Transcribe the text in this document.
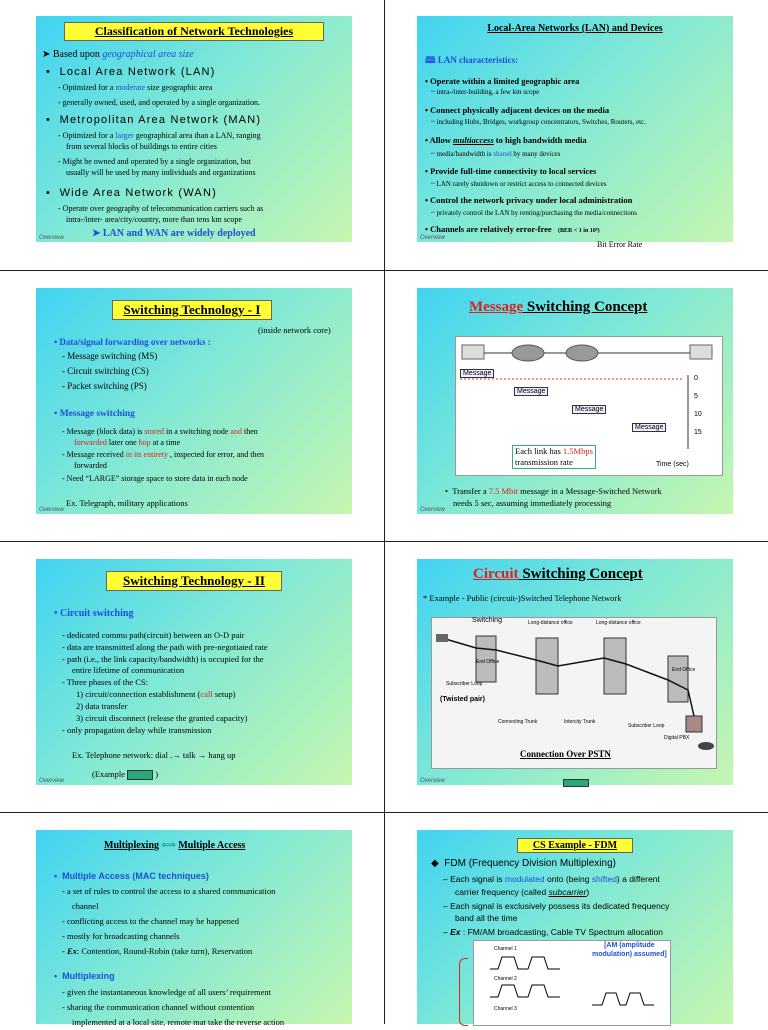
Classification of Network Technologies
➤ Based upon geographical area size
•  Local Area Network (LAN)
- Optimized for a moderate size geographic area
- generally owned, used, and operated by a single organization.
•  Metropolitan Area Network (MAN)
- Optimized for a larger geographical area than a LAN, ranging
from several blocks of buildings to entire cities
- Might be owned and operated by a single organization, but
usually will be used by many individuals and organizations
•  Wide Area Network (WAN)
- Operate over geography of telecommunication carriers such as
intra-/inter- area/city/country, more than tens km scope
➤ LAN and WAN are widely deployed
Overview
Local-Area Networks (LAN) and Devices
🕮 LAN characteristics:
• Operate within a limited geographic area
~ intra-/inter-building, a few km scope
• Connect physically adjacent devices on the media
~ including Hubs, Bridges, workgroup concentrators, Switches, Routers, etc.
• Allow multiaccess to high bandwidth media
~ media/bandwidth is shared by many devices
• Provide full-time connectivity to local services
~ LAN rarely shutdown or restrict access to connected devices
• Control the network privacy under local administration
~ privately control the LAN by renting/purchasing the media/connections
• Channels are relatively error-free (BER < 1 in 10⁸)
Bit Error Rate
Overview
Switching Technology - I
(inside network core)
• Data/signal forwarding over networks :
- Message switching (MS)
- Circuit switching (CS)
- Packet switching (PS)
• Message switching
- Message (block data) is stored in a switching node and then
forwarded later one hop at a time
- Message received in its entirety , inspected for error, and then
forwarded
- Need “LARGE” storage space to store data in each node
Ex. Telegraph, military applications
Overview
Message Switching Concept
Message
Message
Message
Message
0
5
10
15
Time (sec)
Each link has 1.5Mbps
transmission rate
•  Transfer a 7.5 Mbit message in a Message-Switched Network
needs 5 sec, assuming immediately processing
Overview
Switching Technology - II
• Circuit switching
- dedicated commu path(circuit) between an O-D pair
- data are transmitted along the path with pre-negotiated rate
- path (i.e., the link capacity/bandwidth) is occupied for the
entire lifetime of communication
- Three phases of the CS:
1) circuit/connection establishment (call setup)
2) data transfer
3) circuit disconnect (release the granted capacity)
- only propagation delay while transmission
Ex. Telephone network: dial .→ talk → hang up
(Example	)
Overview
Circuit Switching Concept
* Example - Public (circuit-)Switched Telephone Network
Switching	Long-distance office	Long-distance office
End Office
End Office
Subscriber Loop
(Twisted pair)
Connecting Trunk	Intercity Trunk
Subscriber Loop
Digital PBX
Connection Over PSTN
Overview
Multiplexing ⟺ Multiple Access
•  Multiple Access (MAC techniques)
- a set of rules to control the access to a shared communication
channel
- conflicting access to the channel may be happened
- mostly for broadcasting channels
- Ex: Contention, Round-Robin (take turn), Reservation
•  Multiplexing
- given the instantaneous knowledge of all users’ requirement
- sharing the communication channel without contention
implemented at a local site, remote mat take the reverse action
CS Example - FDM
◆  FDM (Frequency Division Multiplexing)
– Each signal is modulated onto (being shifted) a different
carrier frequency (called subcarrier)
– Each signal is exclusively possess its dedicated frequency
band all the time
– Ex : FM/AM broadcasting, Cable TV Spectrum allocation
Channel 1
Channel 2
Channel 3
[AM (amplitude
modulation) assumed]
